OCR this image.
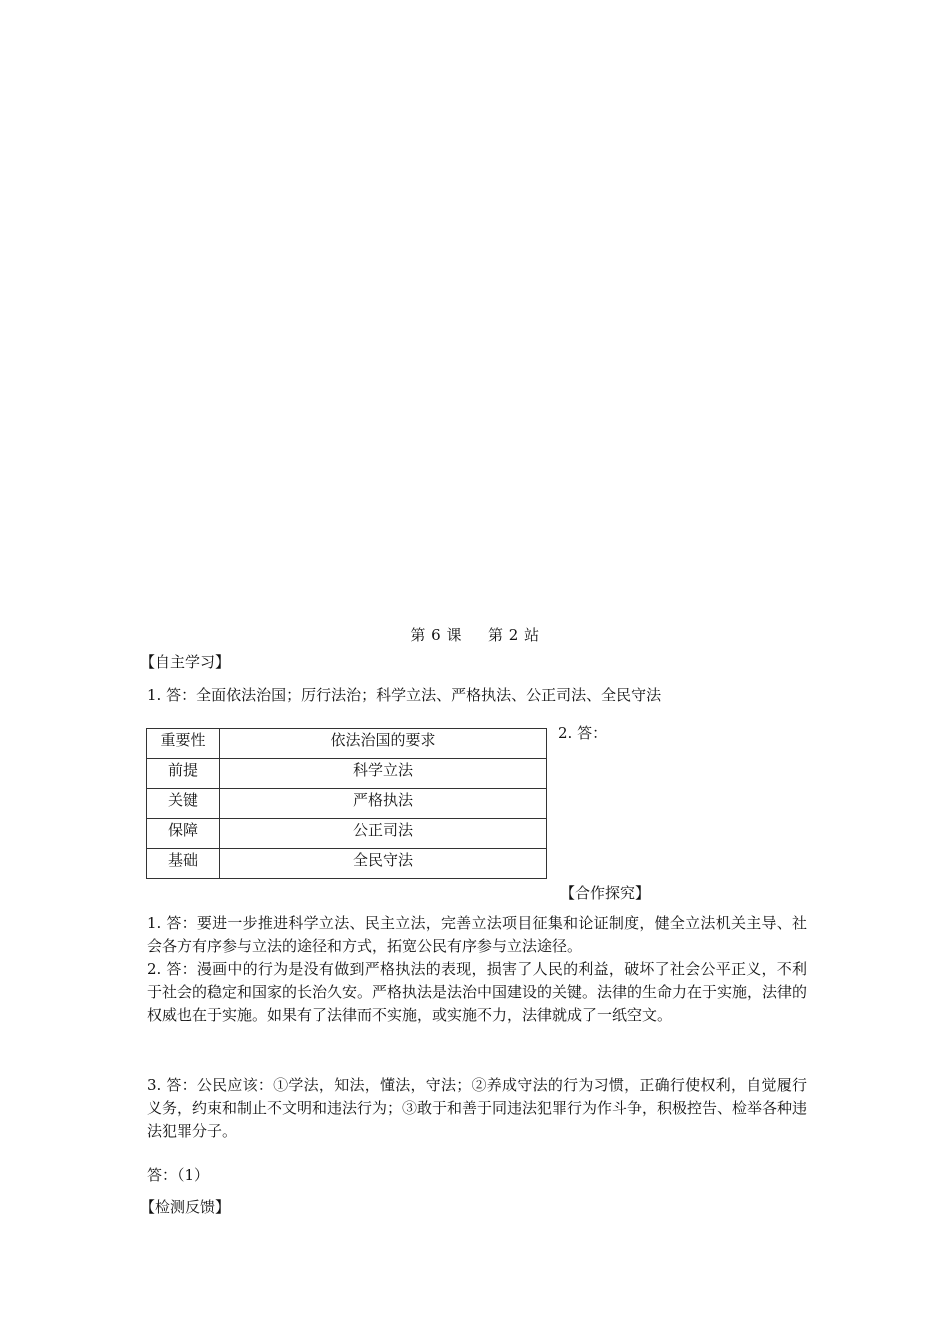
第 6 课 第 2 站
【自主学习】
1. 答：全面依法治国；厉行法治；科学立法、严格执法、公正司法、全民守法
重要性	依法治国的要求
前提	科学立法
关键	严格执法
保障	公正司法
基础	全民守法
2. 答：
【合作探究】
1. 答：要进一步推进科学立法、民主立法，完善立法项目征集和论证制度，健全立法机关主导、社会各方有序参与立法的途径和方式，拓宽公民有序参与立法途径。
2. 答：漫画中的行为是没有做到严格执法的表现，损害了人民的利益，破坏了社会公平正义，不利于社会的稳定和国家的长治久安。严格执法是法治中国建设的关键。法律的生命力在于实施，法律的权威也在于实施。如果有了法律而不实施，或实施不力，法律就成了一纸空文。
3. 答：公民应该：①学法，知法，懂法，守法；②养成守法的行为习惯，正确行使权利，自觉履行义务，约束和制止不文明和违法行为；③敢于和善于同违法犯罪行为作斗争，积极控告、检举各种违法犯罪分子。
答：（1）
【检测反馈】
